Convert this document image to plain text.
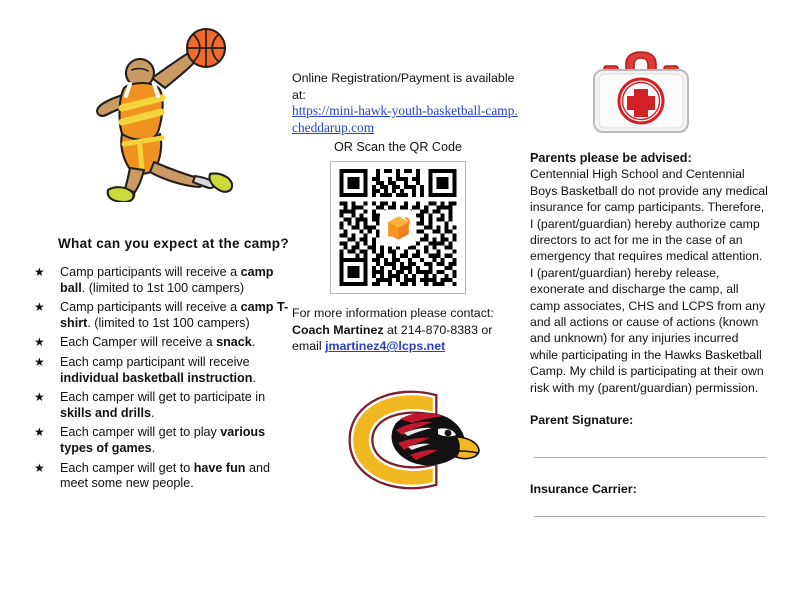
Online Registration/Payment is available at:
https://mini-hawk-youth-basketball-camp.
cheddarup.com
OR Scan the QR Code
For more information please contact:
Coach Martinez at 214-870-8383 or
email jmartinez4@lcps.net
What can you expect at the camp?
★ Camp participants will receive a camp ball. (limited to 1st 100 campers)
★ Camp participants will receive a camp T-shirt. (limited to 1st 100 campers)
★ Each Camper will receive a snack.
★ Each camp participant will receive individual basketball instruction.
★ Each camper will get to participate in skills and drills.
★ Each camper will get to play various types of games.
★ Each camper will get to have fun and meet some new people.
Parents please be advised:
Centennial High School and Centennial Boys Basketball do not provide any medical insurance for camp participants. Therefore, I (parent/guardian) hereby authorize camp directors to act for me in the case of an emergency that requires medical attention. I (parent/guardian) hereby release, exonerate and discharge the camp, all camp associates, CHS and LCPS from any and all actions or cause of actions (known and unknown) for any injuries incurred while participating in the Hawks Basketball Camp. My child is participating at their own risk with my (parent/guardian) permission.
Parent Signature:
Insurance Carrier:
